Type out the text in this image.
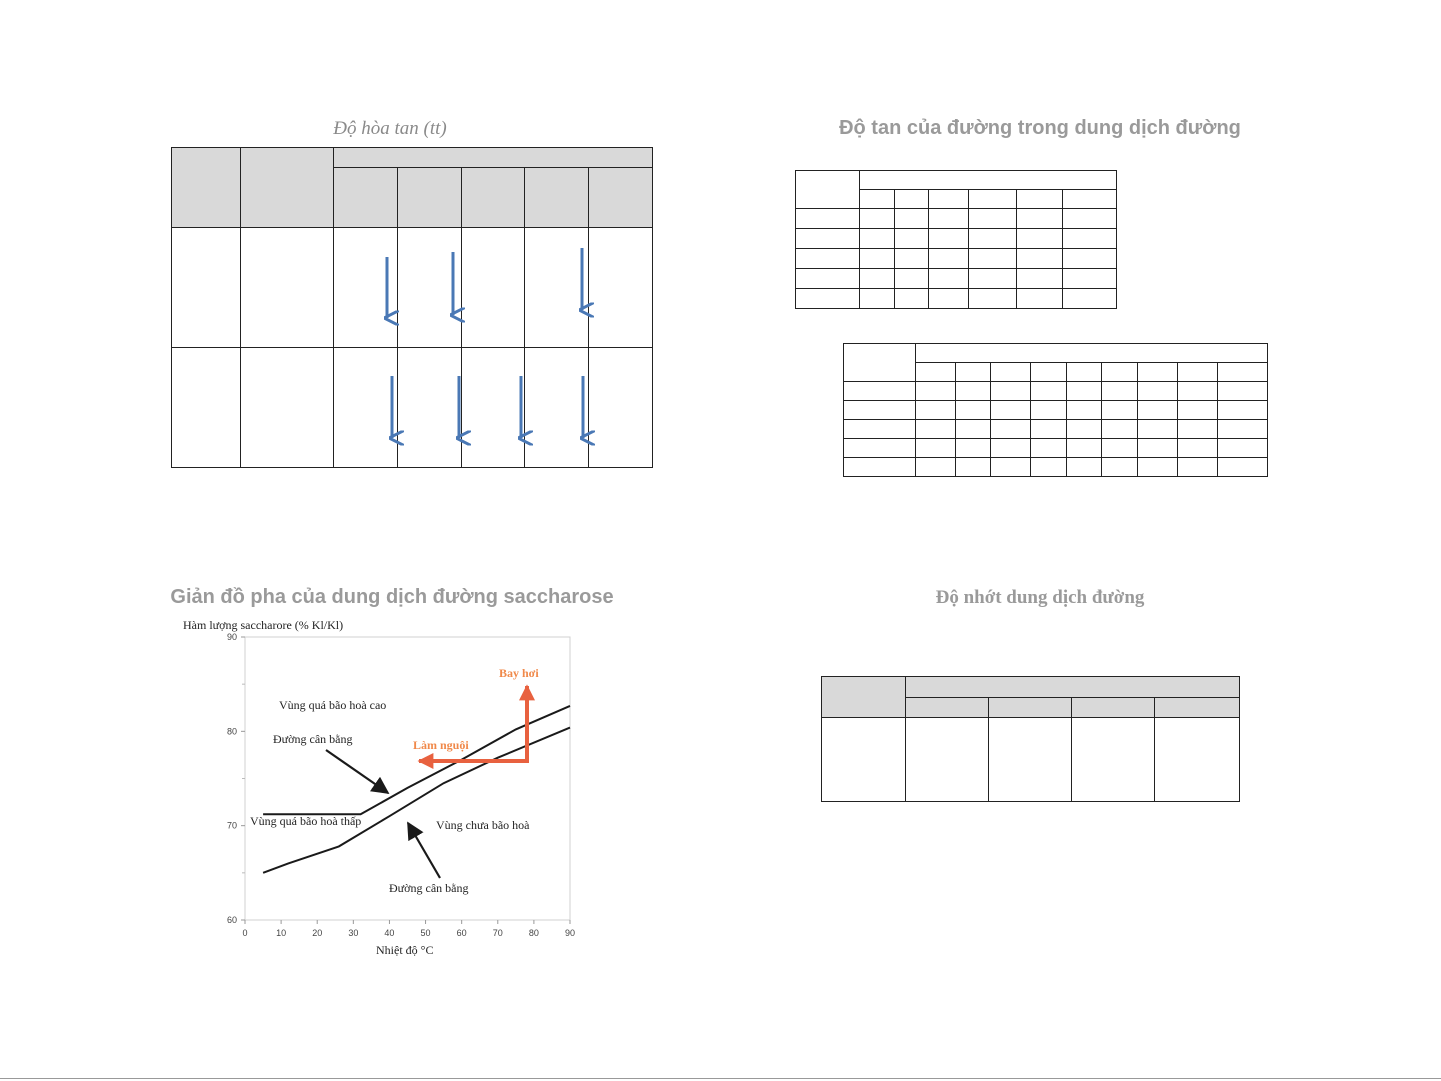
Độ hòa tan (tt)

							Độ tan của đường trong dung dịch đường

Giản đồ pha của dung dịch đường saccharose
0	10	20	30	40	50	60	70	80	90
60
70
80
90
Hàm lượng saccharore (% Kl/Kl)
Nhiệt độ °C
Vùng quá bão hoà cao
Đường cân bằng
Vùng quá bão hoà thấp	Vùng chưa bão hoà
Đường cân bằng
Bay hơi
Làm nguội
Độ nhớt dung dịch đường
